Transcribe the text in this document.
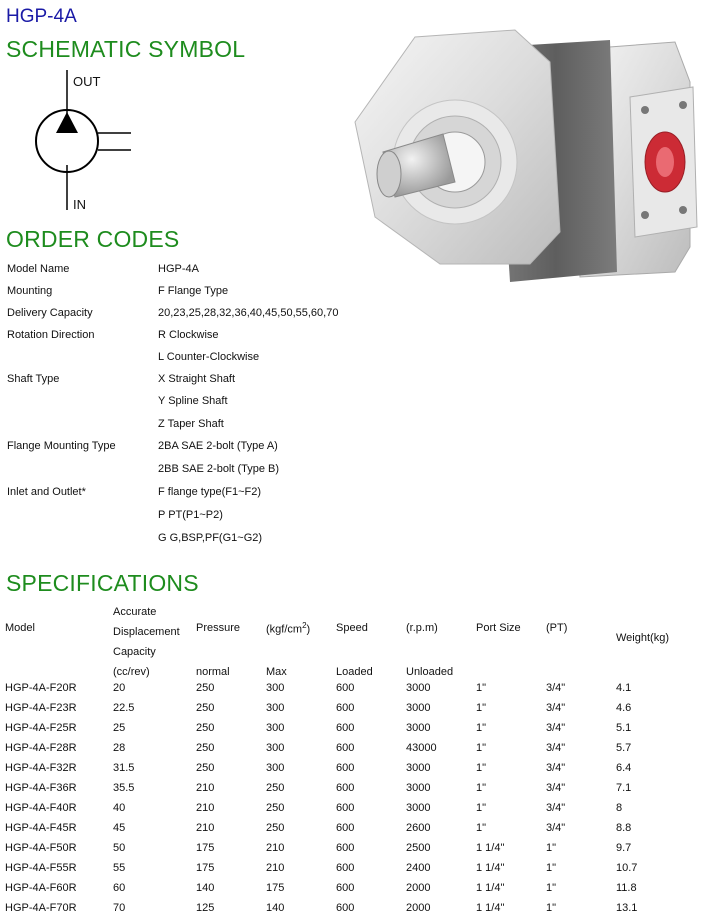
HGP-4A
SCHEMATIC SYMBOL
OUT
IN
ORDER CODES
Model Name	HGP-4A
Mounting	F Flange Type
Delivery Capacity	20,23,25,28,32,36,40,45,50,55,60,70
Rotation Direction	R Clockwise
L Counter-Clockwise
Shaft Type	X Straight Shaft
Y Spline Shaft
Z Taper Shaft
Flange Mounting Type	2BA SAE 2-bolt (Type A)
2BB SAE 2-bolt (Type B)
Inlet and Outlet*	F flange type(F1~F2)
P PT(P1~P2)
G G,BSP,PF(G1~G2)
SPECIFICATIONS
Model	Accurate	Pressure	$(kgf/cm^2)$	Speed	(r.p.m)	Port Size	(PT)	Weight(kg)
	Displacement							
	Capacity							
	(cc/rev)	normal	Max	Loaded	Unloaded			
HGP-4A-F20R	20	250	300	600	3000	1"	3/4"	4.1
HGP-4A-F23R	22.5	250	300	600	3000	1"	3/4"	4.6
HGP-4A-F25R	25	250	300	600	3000	1"	3/4"	5.1
HGP-4A-F28R	28	250	300	600	43000	1"	3/4"	5.7
HGP-4A-F32R	31.5	250	300	600	3000	1"	3/4"	6.4
HGP-4A-F36R	35.5	210	250	600	3000	1"	3/4"	7.1
HGP-4A-F40R	40	210	250	600	3000	1"	3/4"	8
HGP-4A-F45R	45	210	250	600	2600	1"	3/4"	8.8
HGP-4A-F50R	50	175	210	600	2500	1 1/4"	1"	9.7
HGP-4A-F55R	55	175	210	600	2400	1 1/4"	1"	10.7
HGP-4A-F60R	60	140	175	600	2000	1 1/4"	1"	11.8
HGP-4A-F70R	70	125	140	600	2000	1 1/4"	1"	13.1
